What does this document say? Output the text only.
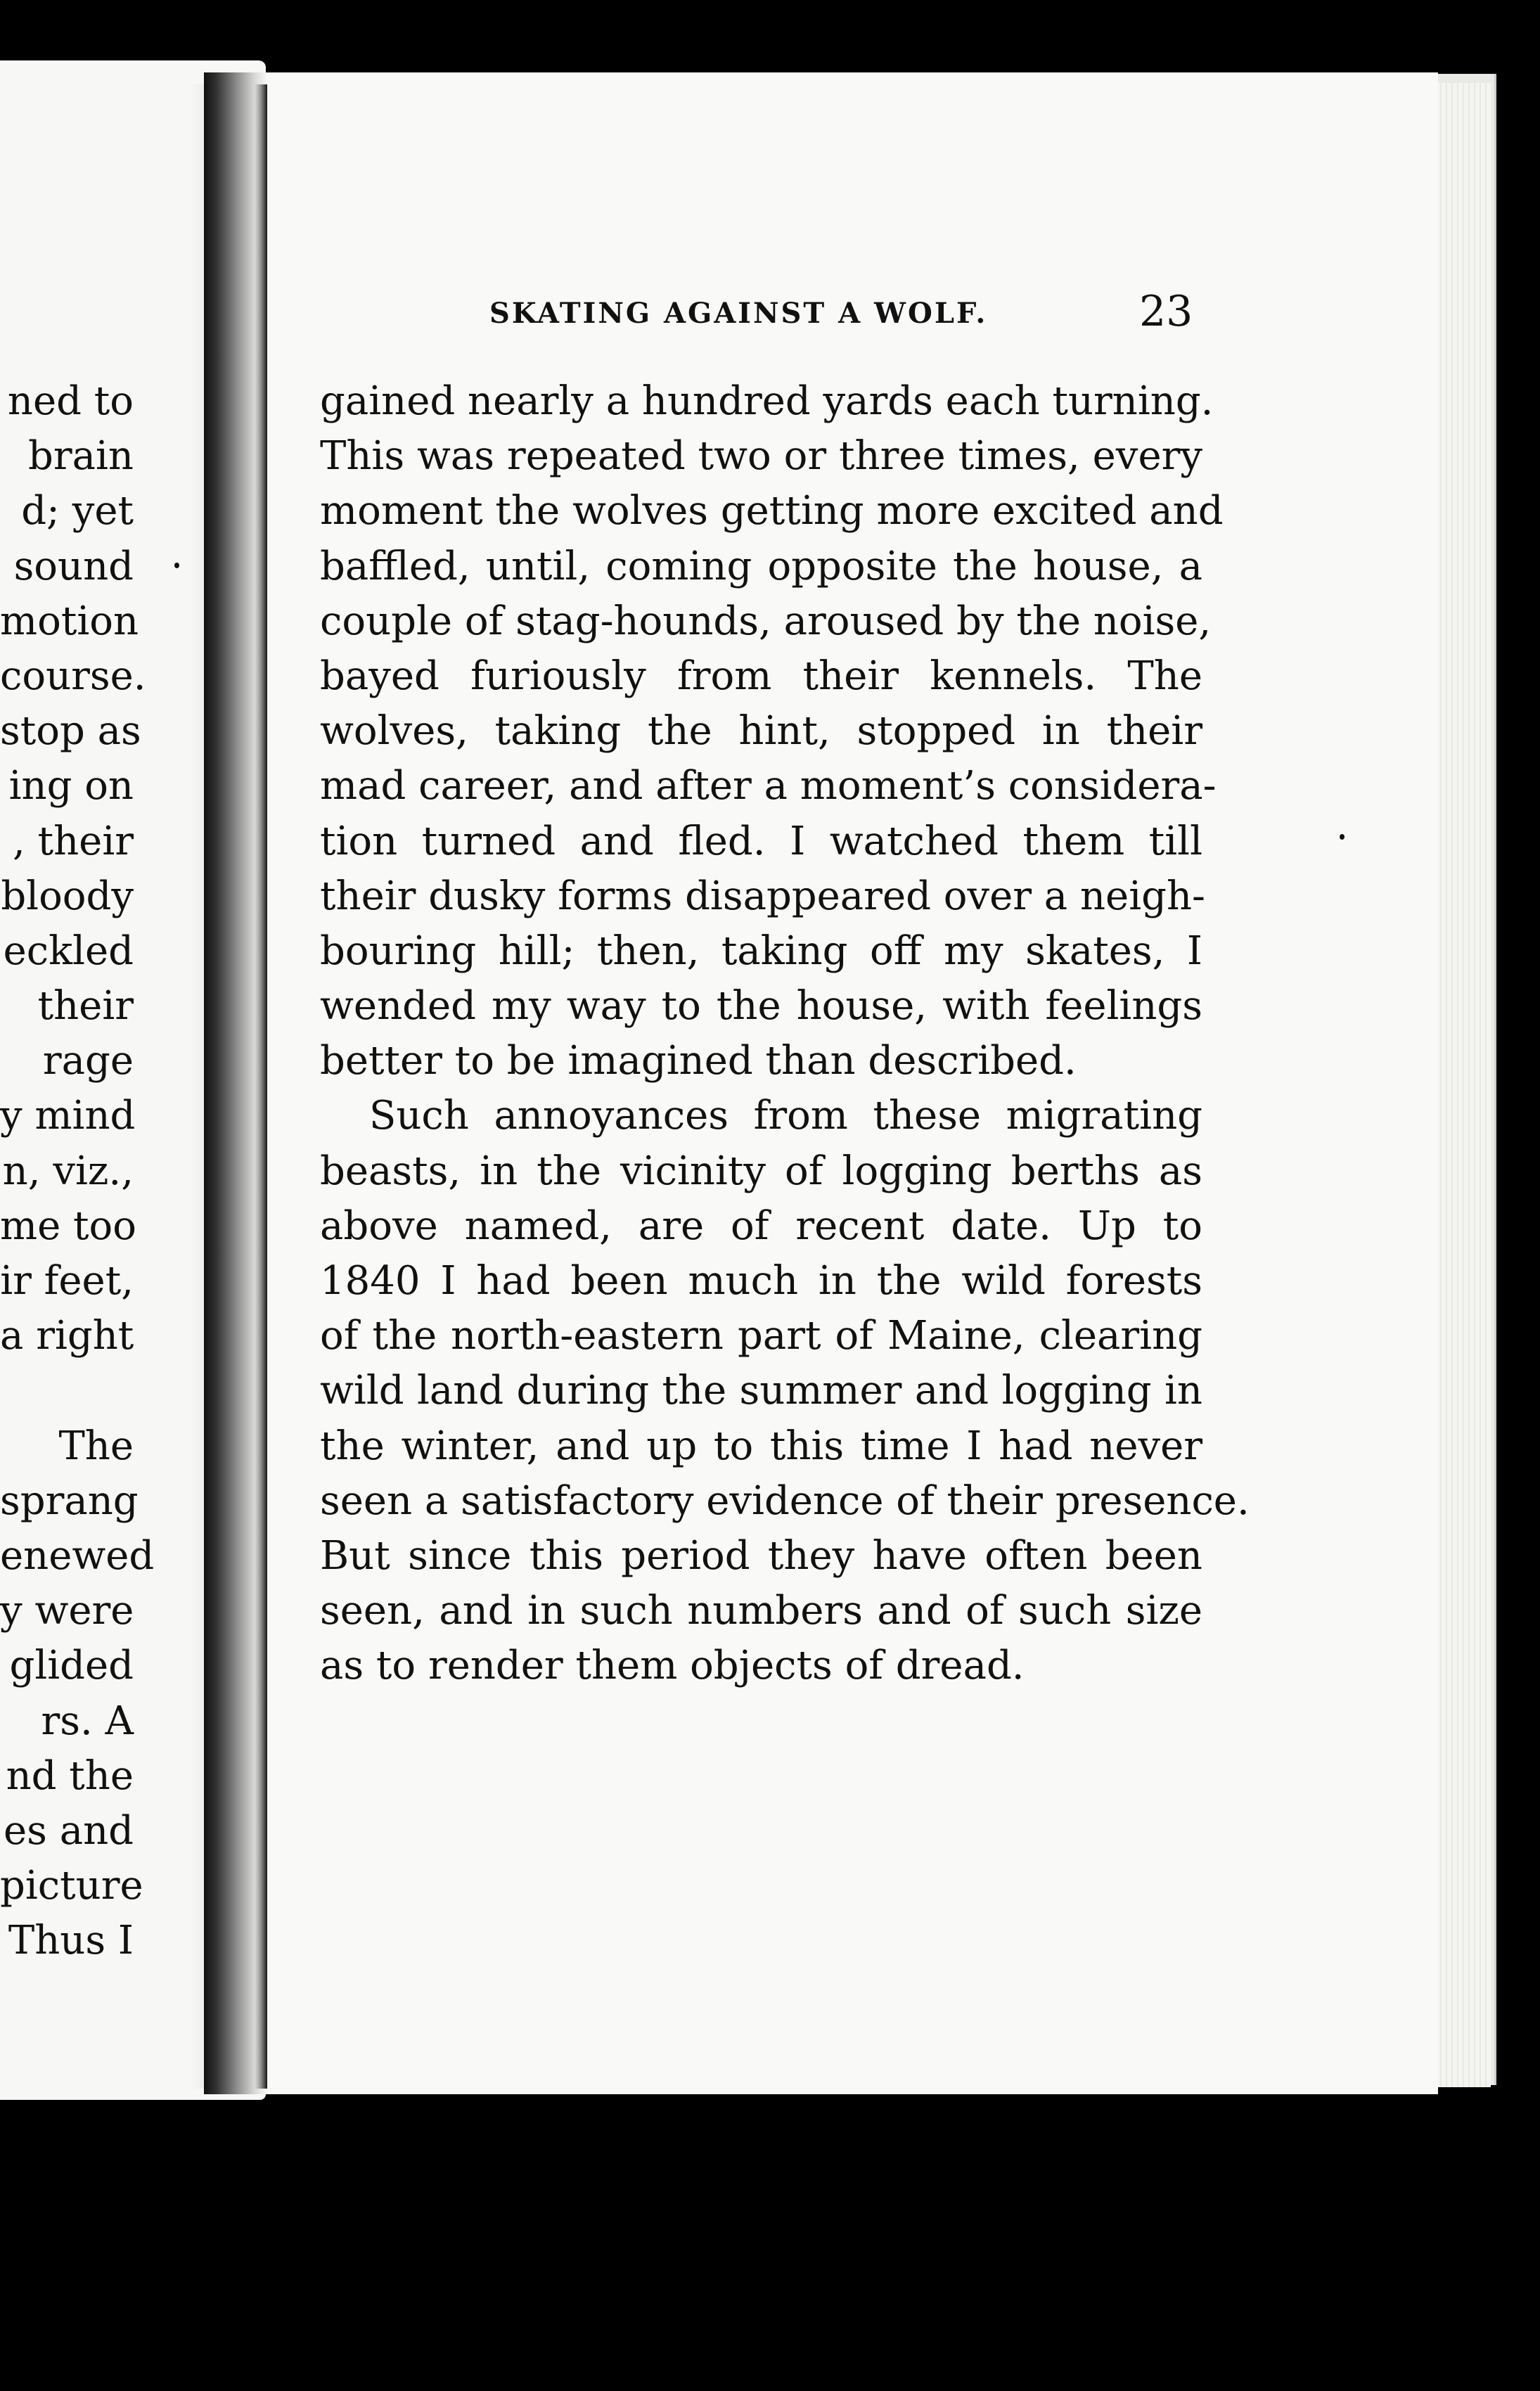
ned to
brain
d; yet
sound
motion
course.
stop as
ing on
, their
bloody
eckled
their
rage
y mind
n, viz.,
me too
ir feet,
a right
The
sprang
enewed
y were
glided
rs. A
nd the
es and
picture
Thus I
SKATING AGAINST A WOLF.	23
gained nearly a hundred yards each turning.
This was repeated two or three times, every
moment the wolves getting more excited and
baffled, until, coming opposite the house, a
couple of stag-hounds, aroused by the noise,
bayed furiously from their kennels. The
wolves, taking the hint, stopped in their
mad career, and after a moment’s considera-
tion turned and fled. I watched them till
their dusky forms disappeared over a neigh-
bouring hill; then, taking off my skates, I
wended my way to the house, with feelings
better to be imagined than described.
Such annoyances from these migrating
beasts, in the vicinity of logging berths as
above named, are of recent date. Up to
1840 I had been much in the wild forests
of the north-eastern part of Maine, clearing
wild land during the summer and logging in
the winter, and up to this time I had never
seen a satisfactory evidence of their presence.
But since this period they have often been
seen, and in such numbers and of such size
as to render them objects of dread.
